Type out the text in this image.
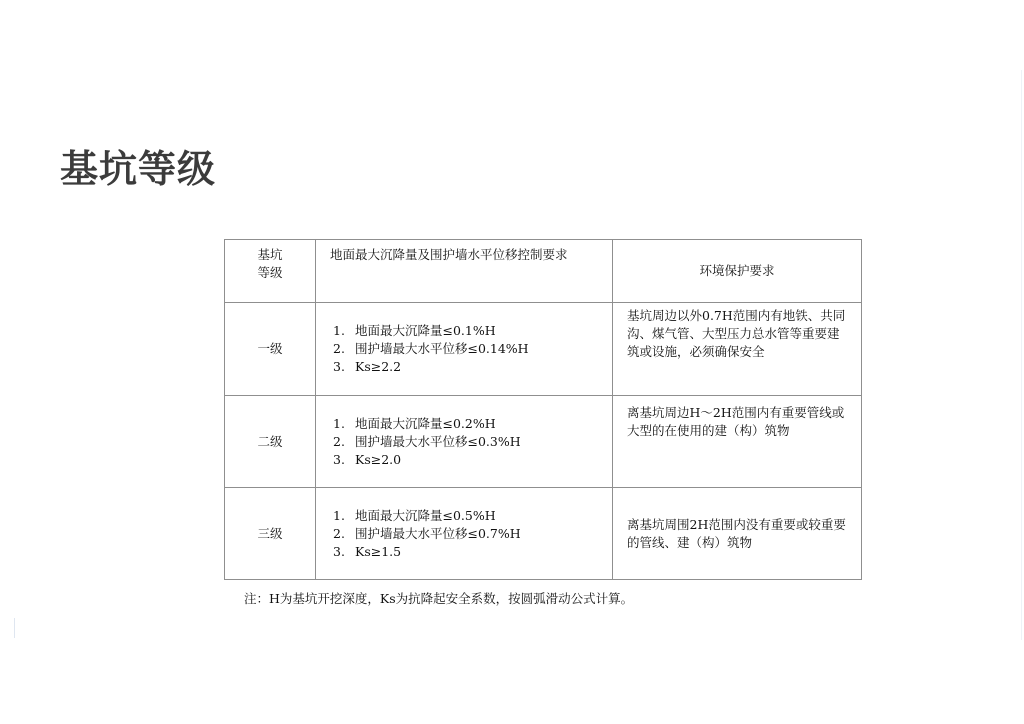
基坑等级
基坑
等级	地面最大沉降量及围护墙水平位移控制要求	环境保护要求
一级	1. 地面最大沉降量≤0.1%H
2. 围护墙最大水平位移≤0.14%H
3. Ks≥2.2	基坑周边以外0.7H范围内有地铁、共同沟、煤气管、大型压力总水管等重要建筑或设施，必须确保安全
二级	1. 地面最大沉降量≤0.2%H
2. 围护墙最大水平位移≤0.3%H
3. Ks≥2.0	离基坑周边H～2H范围内有重要管线或大型的在使用的建（构）筑物
三级	1. 地面最大沉降量≤0.5%H
2. 围护墙最大水平位移≤0.7%H
3. Ks≥1.5	离基坑周围2H范围内没有重要或较重要的管线、建（构）筑物
注：H为基坑开挖深度，Ks为抗降起安全系数，按圆弧滑动公式计算。
